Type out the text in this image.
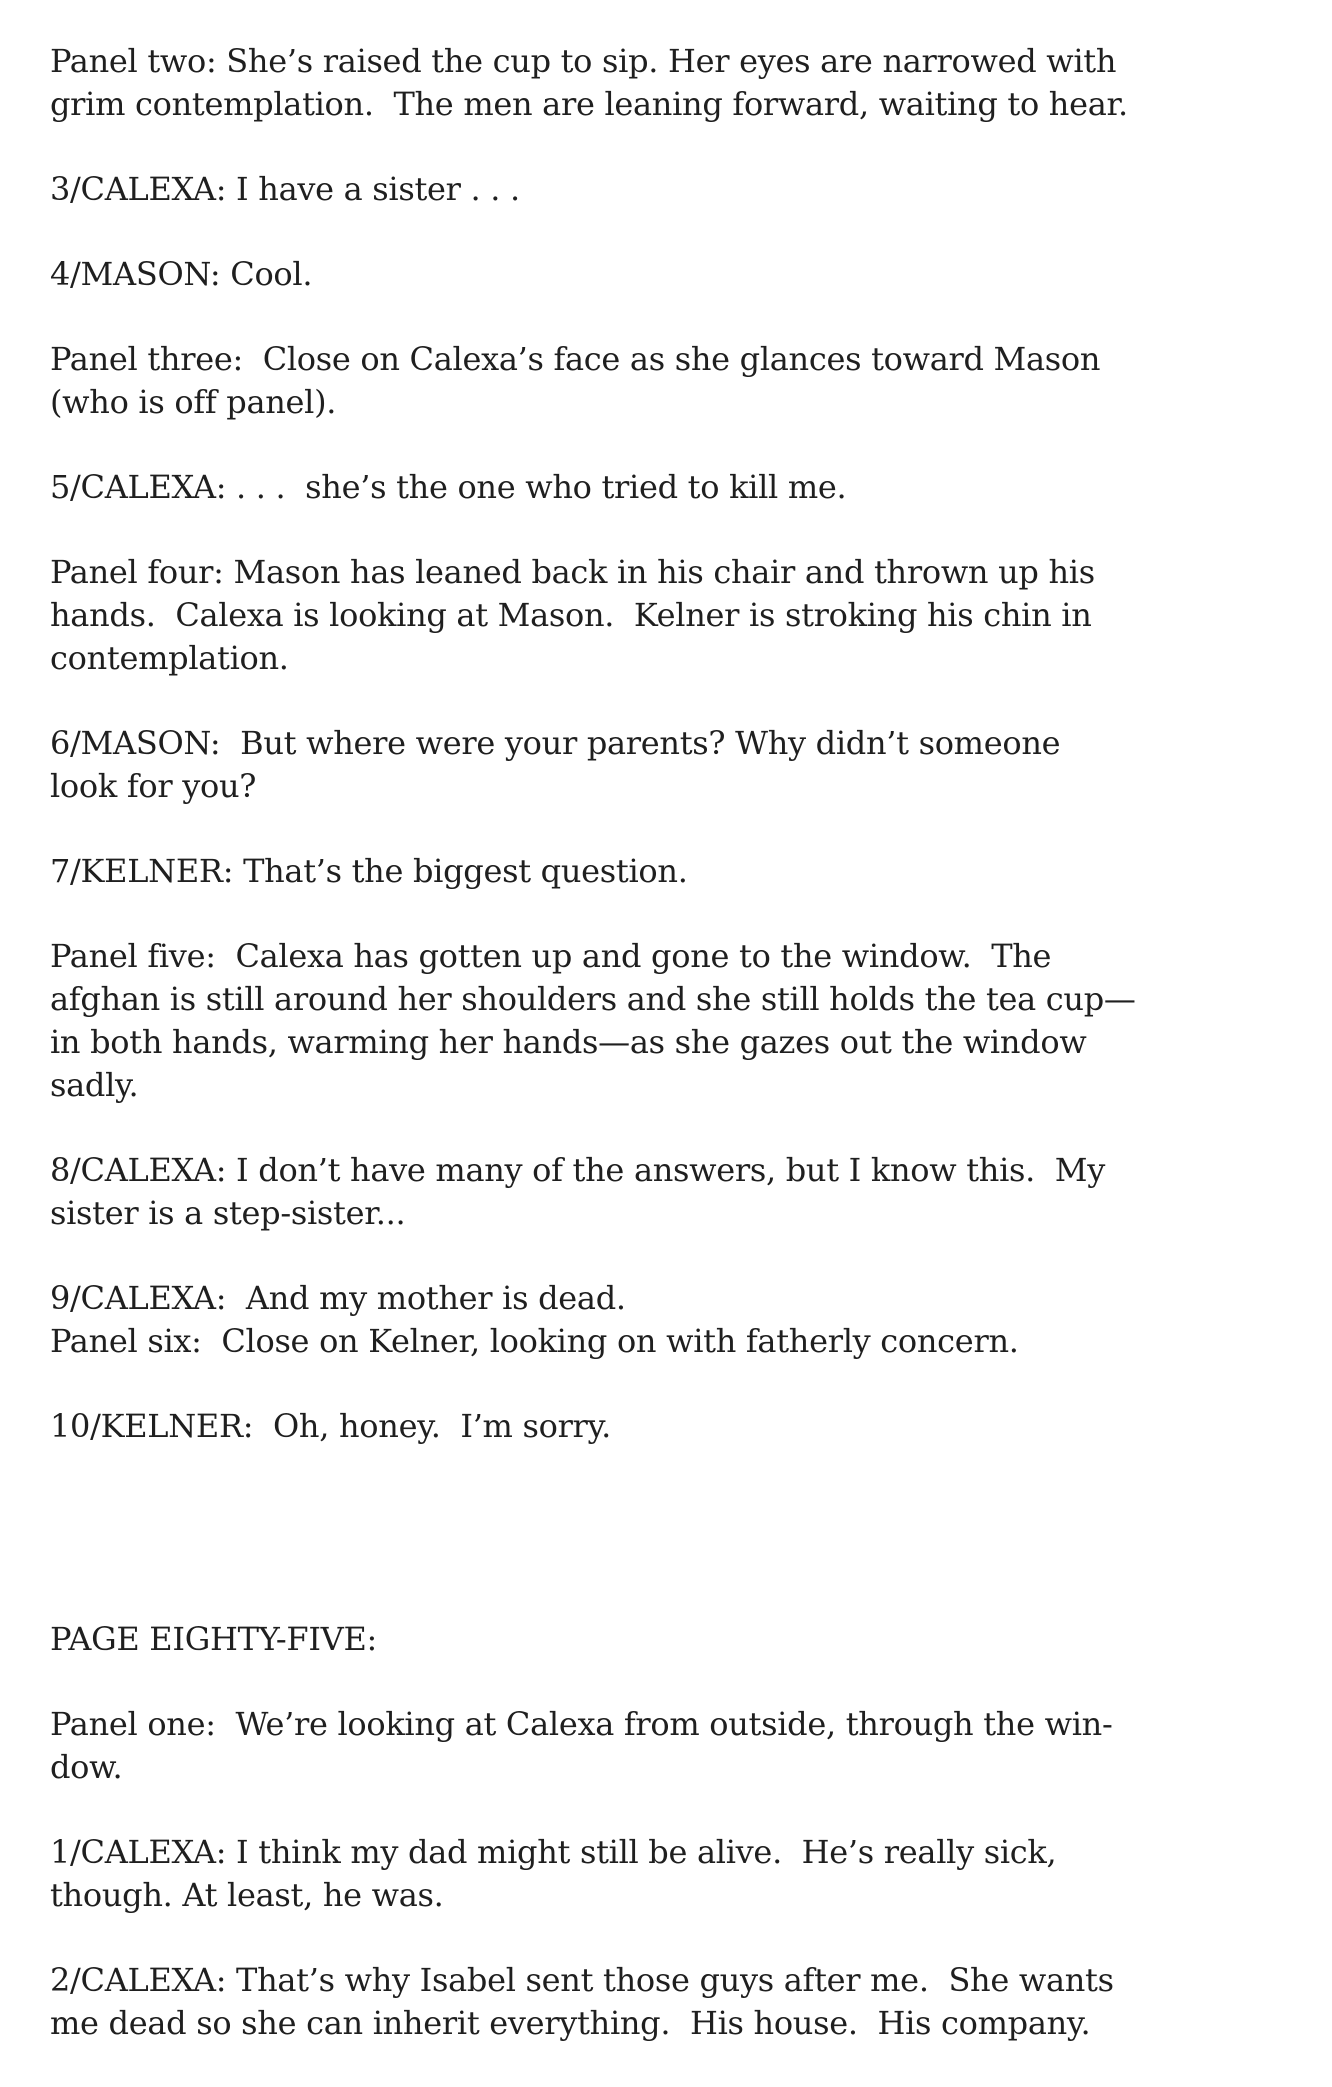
Panel two: She’s raised the cup to sip. Her eyes are narrowed with
grim contemplation.  The men are leaning forward, waiting to hear.

3/CALEXA: I have a sister . . .

4/MASON: Cool.

Panel three:  Close on Calexa’s face as she glances toward Mason
(who is off panel).

5/CALEXA: . . .  she’s the one who tried to kill me.

Panel four: Mason has leaned back in his chair and thrown up his
hands.  Calexa is looking at Mason.  Kelner is stroking his chin in
contemplation.

6/MASON:  But where were your parents? Why didn’t someone
look for you?

7/KELNER: That’s the biggest question.

Panel five:  Calexa has gotten up and gone to the window.  The
afghan is still around her shoulders and she still holds the tea cup—
in both hands, warming her hands—as she gazes out the window
sadly.

8/CALEXA: I don’t have many of the answers, but I know this.  My
sister is a step-sister...

9/CALEXA:  And my mother is dead.

Panel six:  Close on Kelner, looking on with fatherly concern.

10/KELNER:  Oh, honey.  I’m sorry.

PAGE EIGHTY-FIVE:

Panel one:  We’re looking at Calexa from outside, through the win-
dow.

1/CALEXA: I think my dad might still be alive.  He’s really sick,
though. At least, he was.

2/CALEXA: That’s why Isabel sent those guys after me.  She wants
me dead so she can inherit everything.  His house.  His company.
